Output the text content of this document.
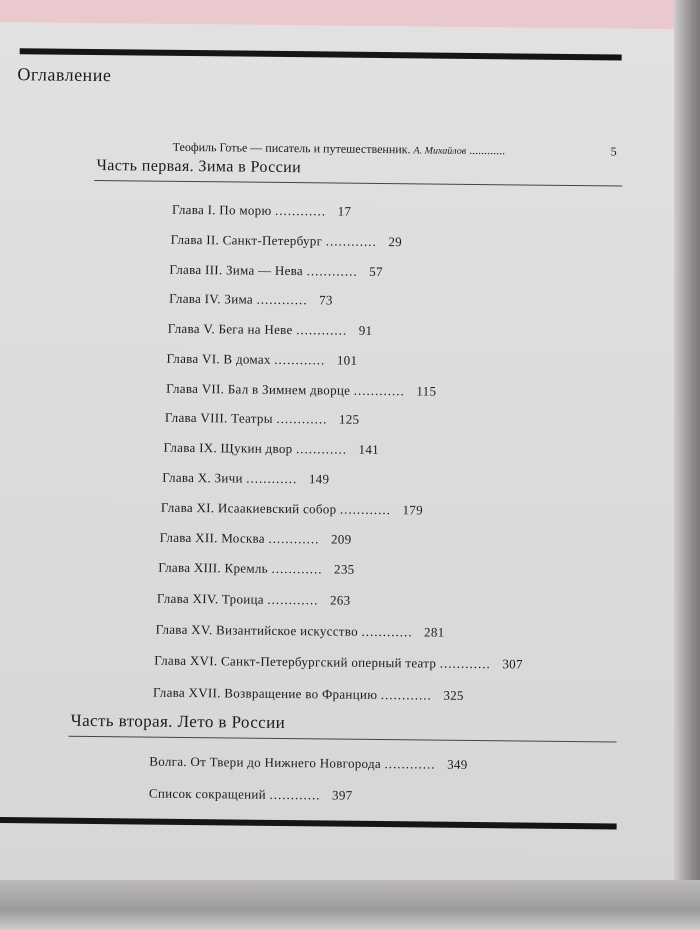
Оглавление
Теофиль Готье — писатель и путешественник. А. Михайлов ............	5
Часть первая. Зима в России
Глава I. По морю ............ 17
Глава II. Санкт-Петербург ............ 29
Глава III. Зима — Нева ............ 57
Глава IV. Зима ............ 73
Глава V. Бега на Неве ............ 91
Глава VI. В домах ............ 101
Глава VII. Бал в Зимнем дворце ............ 115
Глава VIII. Театры ............ 125
Глава IX. Щукин двор ............ 141
Глава X. Зичи ............ 149
Глава XI. Исаакиевский собор ............ 179
Глава XII. Москва ............ 209
Глава XIII. Кремль ............ 235
Глава XIV. Троица ............ 263
Глава XV. Византийское искусство ............ 281
Глава XVI. Санкт-Петербургский оперный театр ............ 307
Глава XVII. Возвращение во Францию ............ 325
Часть вторая. Лето в России
Волга. От Твери до Нижнего Новгорода ............ 349
Список сокращений ............ 397
